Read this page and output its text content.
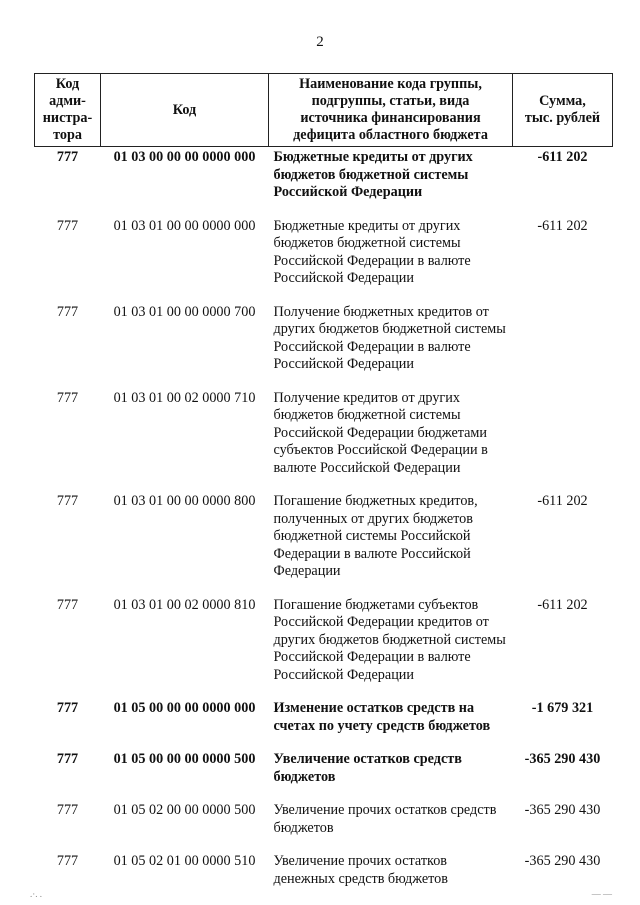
2
Код
адми-
нистра-
тора	Код	Наименование кода группы,
подгруппы, статьи, вида
источника финансирования
дефицита областного бюджета	Сумма,
тыс. рублей
777	01 03 00 00 00 0000 000	Бюджетные кредиты от других бюджетов бюджетной системы Российской Федерации	-611 202
777	01 03 01 00 00 0000 000	Бюджетные кредиты от других бюджетов бюджетной системы Российской Федерации в валюте Российской Федерации	-611 202
777	01 03 01 00 00 0000 700	Получение бюджетных кредитов от других бюджетов бюджетной системы Российской Федерации в валюте Российской Федерации	
777	01 03 01 00 02 0000 710	Получение кредитов от других бюджетов бюджетной системы Российской Федерации бюджетами субъектов Российской Федерации в валюте Российской Федерации	
777	01 03 01 00 00 0000 800	Погашение бюджетных кредитов, полученных от других бюджетов бюджетной системы Российской Федерации в валюте Российской Федерации	-611 202
777	01 03 01 00 02 0000 810	Погашение бюджетами субъектов Российской Федерации кредитов от других бюджетов бюджетной системы Российской Федерации в валюте Российской Федерации	-611 202
777	01 05 00 00 00 0000 000	Изменение остатков средств на счетах по учету средств бюджетов	-1 679 321
777	01 05 00 00 00 0000 500	Увеличение остатков средств бюджетов	-365 290 430
777	01 05 02 00 00 0000 500	Увеличение прочих остатков средств бюджетов	-365 290 430
777	01 05 02 01 00 0000 510	Увеличение прочих остатков денежных средств бюджетов	-365 290 430
.·. .	— —
